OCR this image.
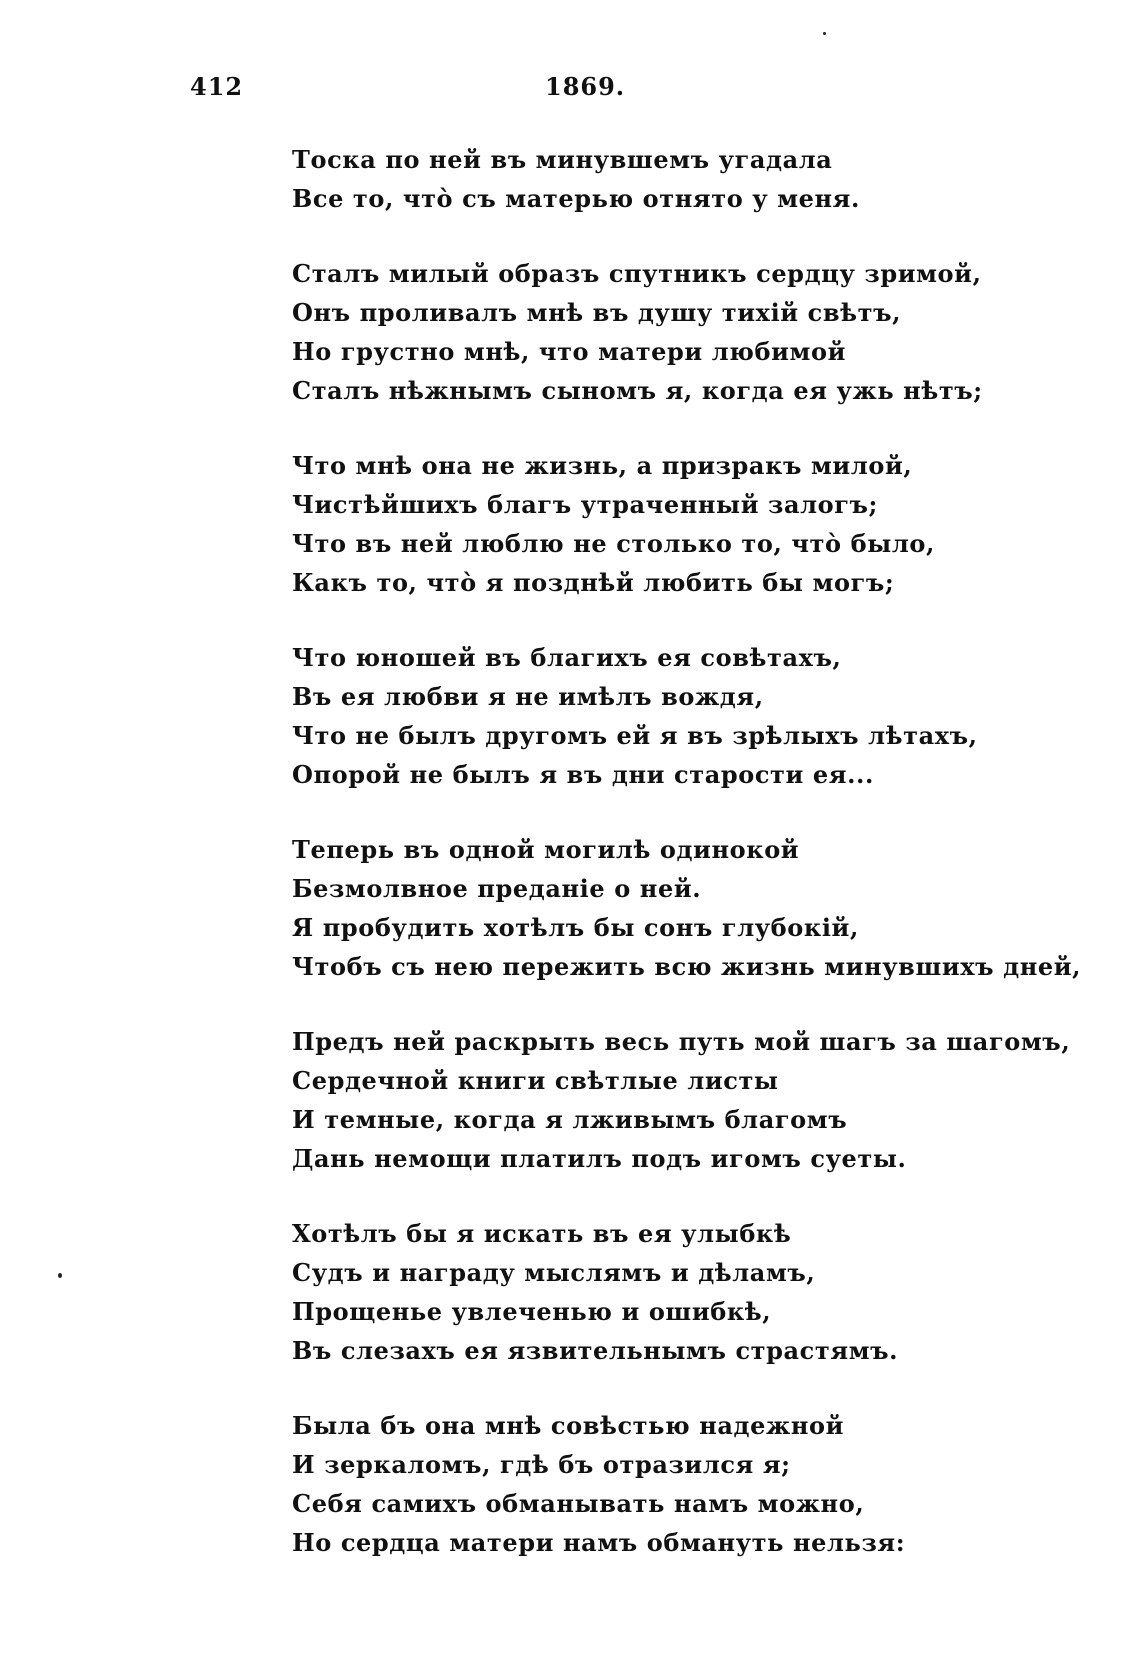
412	1869.
Тоска по ней въ минувшемъ угадала
Все то, что̀ съ матерью отнято у меня.
Сталъ милый образъ спутникъ сердцу зримой,
Онъ проливалъ мнѣ въ душу тихій свѣтъ,
Но грустно мнѣ, что матери любимой
Сталъ нѣжнымъ сыномъ я, когда ея ужь нѣтъ;
Что мнѣ она не жизнь, а призракъ милой,
Чистѣйшихъ благъ утраченный залогъ;
Что въ ней люблю не столько то, что̀ было,
Какъ то, что̀ я позднѣй любить бы могъ;
Что юношей въ благихъ ея совѣтахъ,
Въ ея любви я не имѣлъ вождя,
Что не былъ другомъ ей я въ зрѣлыхъ лѣтахъ,
Опорой не былъ я въ дни старости ея...
Теперь въ одной могилѣ одинокой
Безмолвное преданіе о ней.
Я пробудить хотѣлъ бы сонъ глубокій,
Чтобъ съ нею пережить всю жизнь минувшихъ дней,
Предъ ней раскрыть весь путь мой шагъ за шагомъ,
Сердечной книги свѣтлые листы
И темные, когда я лживымъ благомъ
Дань немощи платилъ подъ игомъ суеты.
Хотѣлъ бы я искать въ ея улыбкѣ
Судъ и награду мыслямъ и дѣламъ,
Прощенье увлеченью и ошибкѣ,
Въ слезахъ ея язвительнымъ страстямъ.
Была бъ она мнѣ совѣстью надежной
И зеркаломъ, гдѣ бъ отразился я;
Себя самихъ обманывать намъ можно,
Но сердца матери намъ обмануть нельзя:
